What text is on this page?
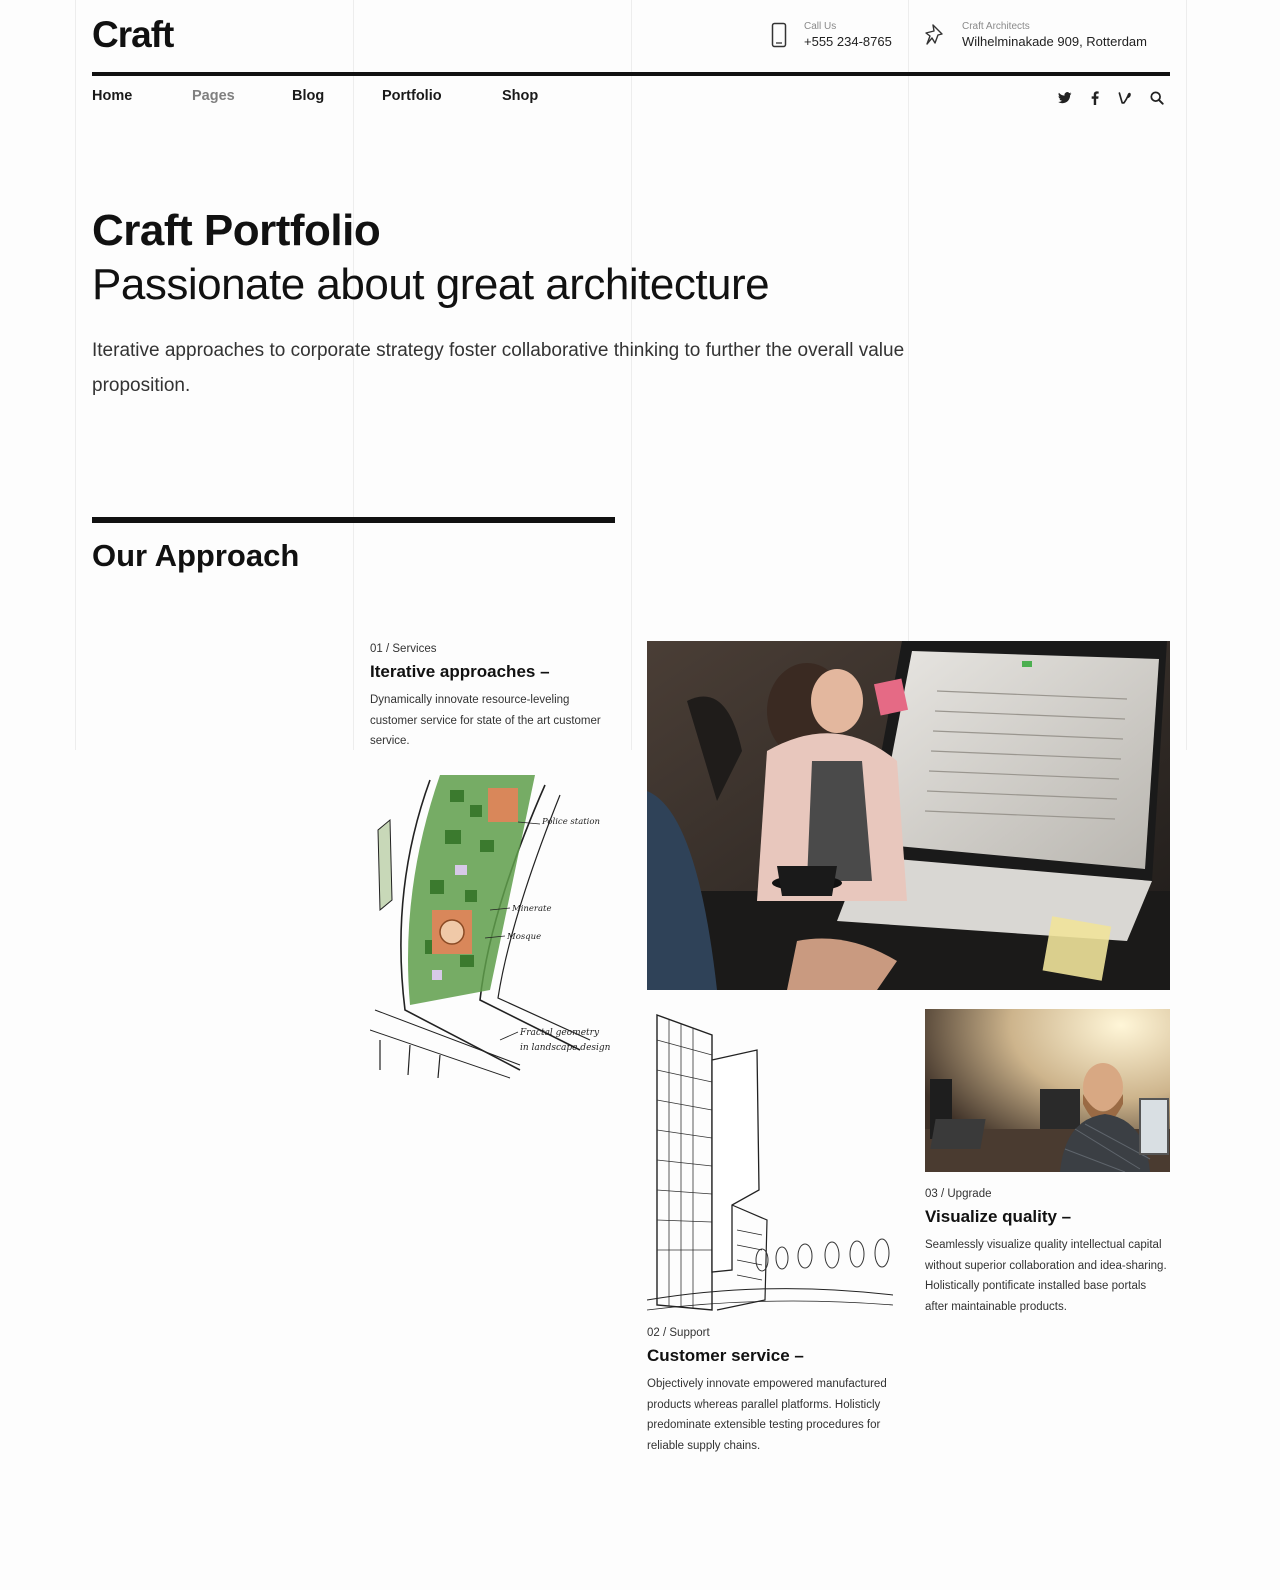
Craft	Call Us
+555 234-8765
Craft Architects
Wilhelminakade 909, Rotterdam
Home	Pages	Blog	Portfolio	Shop
Craft Portfolio
Passionate about great architecture
Iterative approaches to corporate strategy foster collaborative thinking to further the overall value proposition.
Our Approach
01 / Services
Iterative approaches –
Dynamically innovate resource-leveling customer service for state of the art customer service.
Police station
Minerate
Mosque
Fractal geometry
in landscape design
02 / Support
Customer service –
Objectively innovate empowered manufactured products whereas parallel platforms. Holisticly predominate extensible testing procedures for reliable supply chains.
03 / Upgrade
Visualize quality –
Seamlessly visualize quality intellectual capital without superior collaboration and idea-sharing. Holistically pontificate installed base portals after maintainable products.
